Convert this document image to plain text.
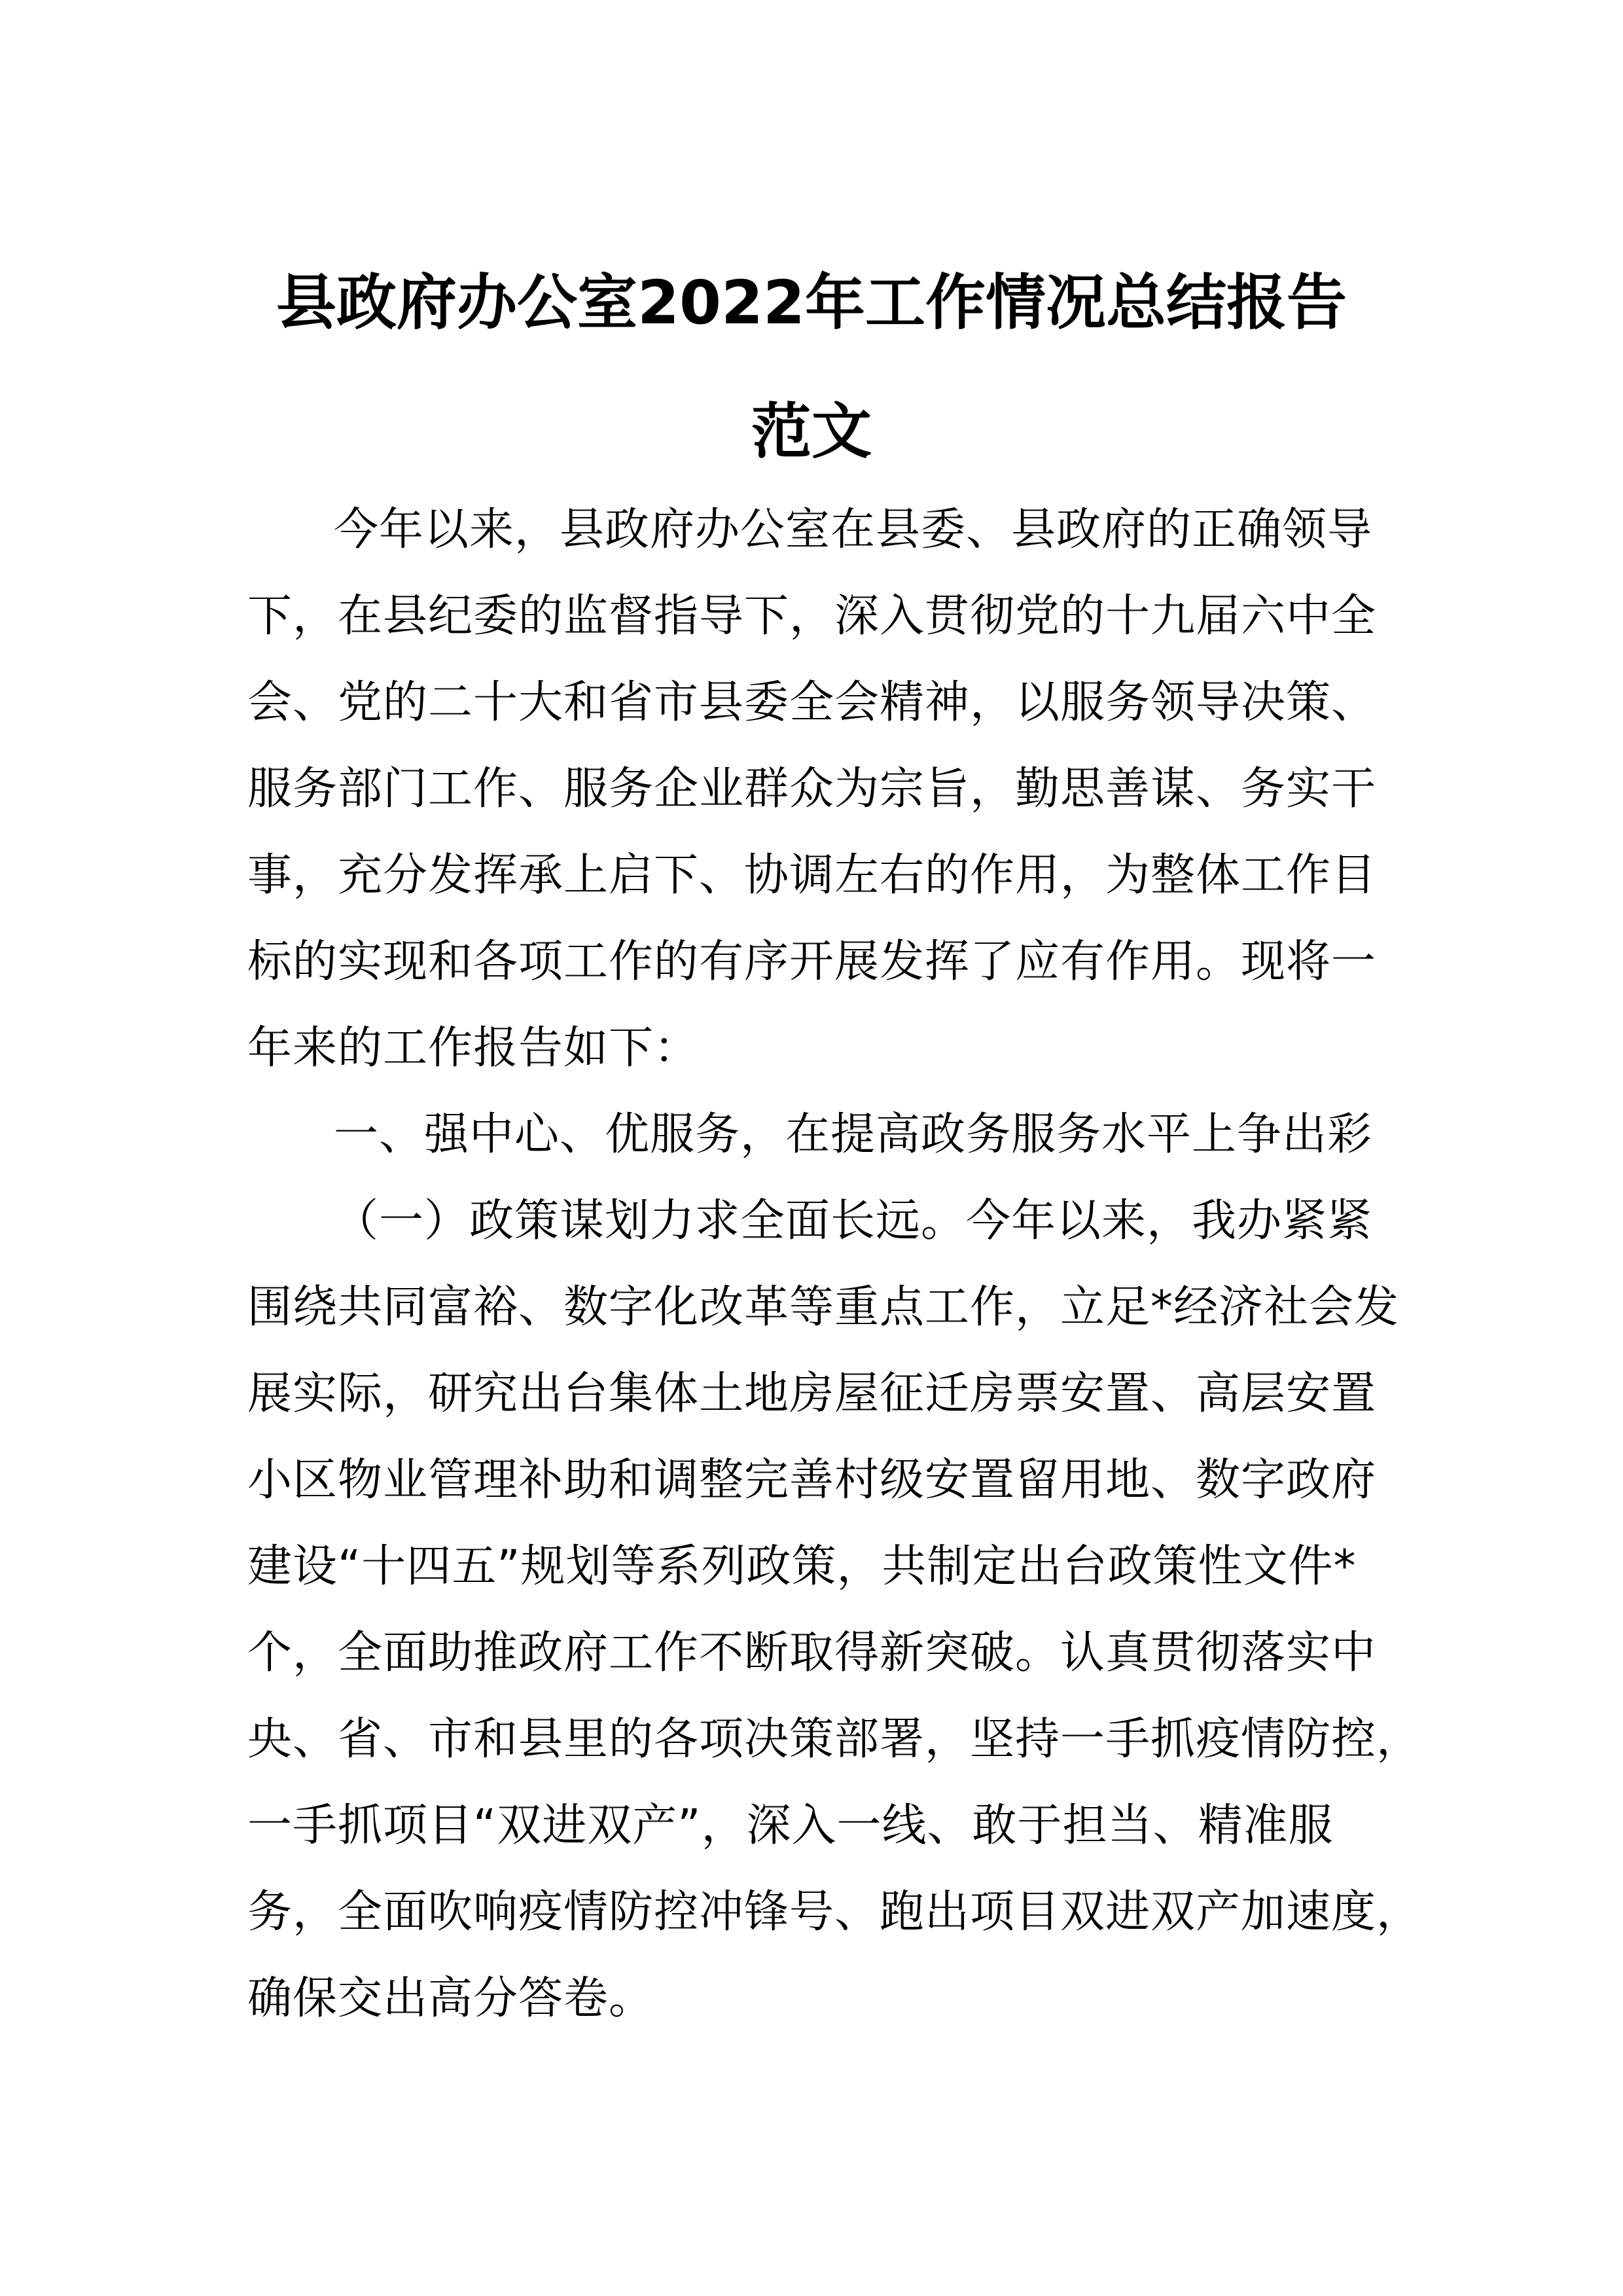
县政府办公室2022年工作情况总结报告
范文
今年以来，县政府办公室在县委、县政府的正确领导
下，在县纪委的监督指导下，深入贯彻党的十九届六中全
会、党的二十大和省市县委全会精神，以服务领导决策、
服务部门工作、服务企业群众为宗旨，勤思善谋、务实干
事，充分发挥承上启下、协调左右的作用，为整体工作目
标的实现和各项工作的有序开展发挥了应有作用。现将一
年来的工作报告如下：
一、强中心、优服务，在提高政务服务水平上争出彩
（一）政策谋划力求全面长远。今年以来，我办紧紧
围绕共同富裕、数字化改革等重点工作，立足*经济社会发
展实际，研究出台集体土地房屋征迁房票安置、高层安置
小区物业管理补助和调整完善村级安置留用地、数字政府
建设“十四五”规划等系列政策，共制定出台政策性文件*
个，全面助推政府工作不断取得新突破。认真贯彻落实中
央、省、市和县里的各项决策部署，坚持一手抓疫情防控，
一手抓项目“双进双产”，深入一线、敢于担当、精准服
务，全面吹响疫情防控冲锋号、跑出项目双进双产加速度，
确保交出高分答卷。
